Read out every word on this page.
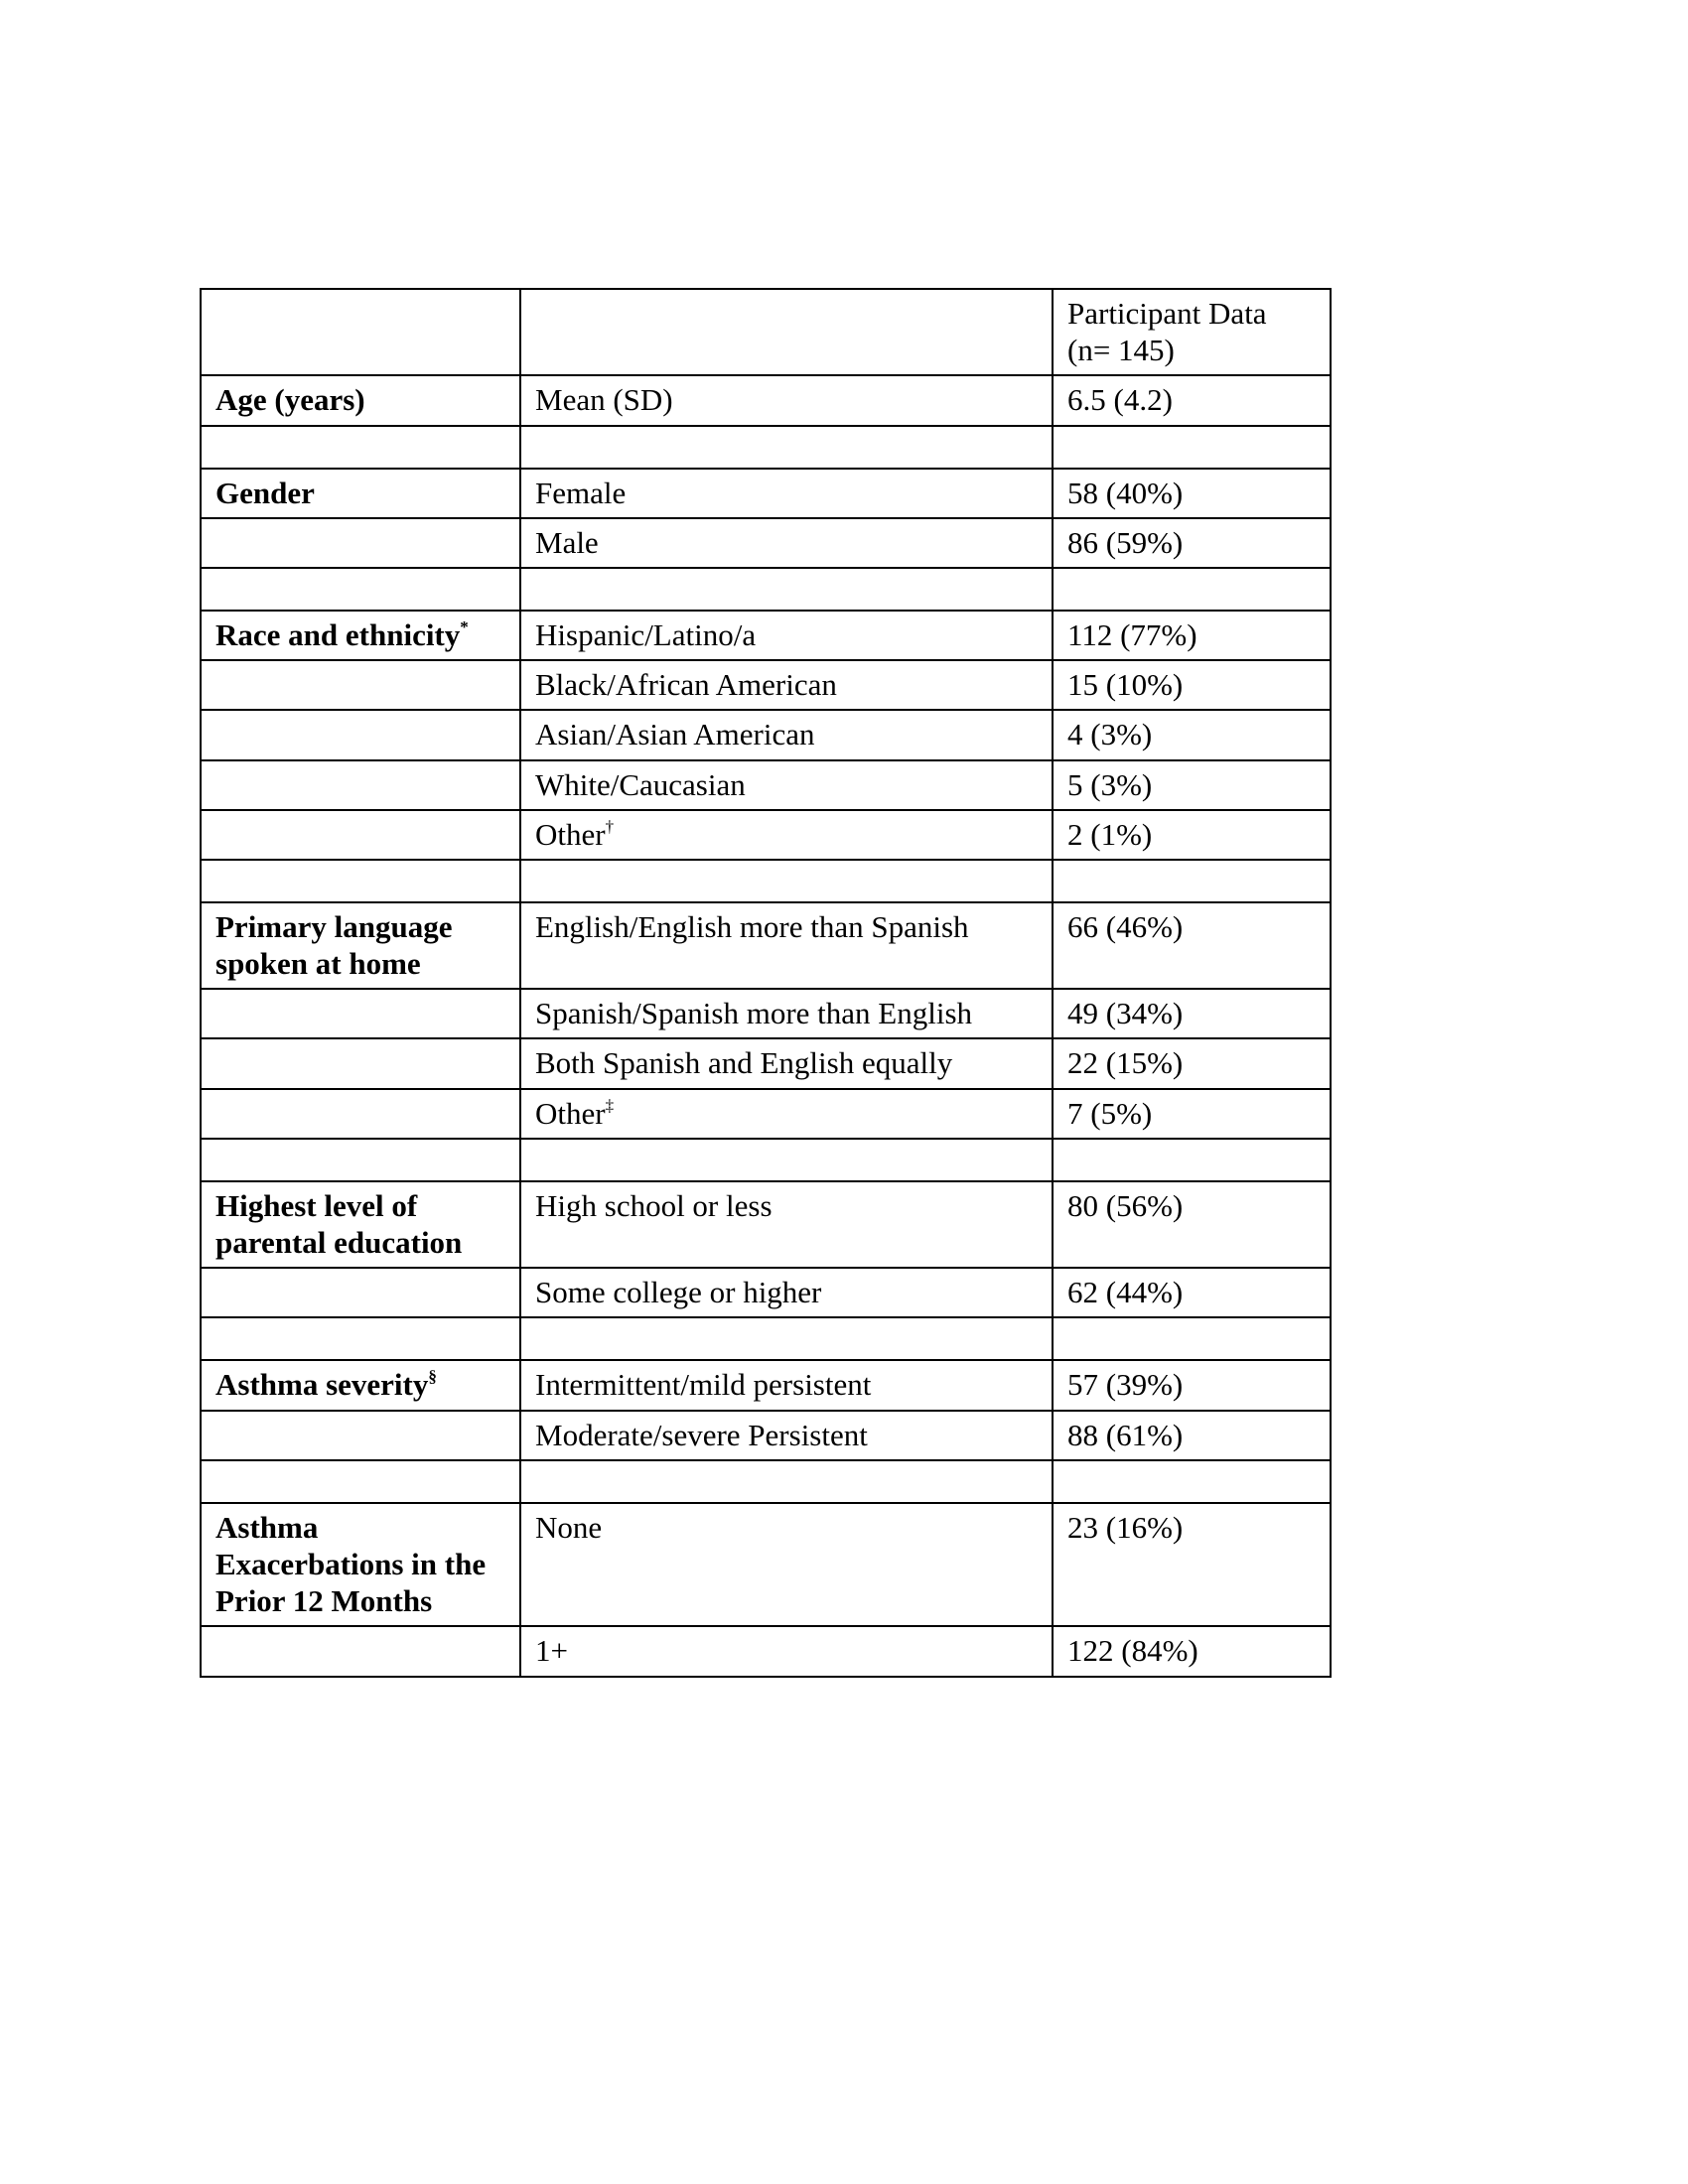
		Participant Data
(n= 145)
Age (years)	Mean (SD)	6.5 (4.2)

Gender	Female	58 (40%)
	Male	86 (59%)

Race and ethnicity*	Hispanic/Latino/a	112 (77%)
	Black/African American	15 (10%)
	Asian/Asian American	4 (3%)
	White/Caucasian	5 (3%)
	Other†	2 (1%)

Primary language spoken at home	English/English more than Spanish	66 (46%)
	Spanish/Spanish more than English	49 (34%)
	Both Spanish and English equally	22 (15%)
	Other‡	7 (5%)

Highest level of parental education	High school or less	80 (56%)
	Some college or higher	62 (44%)

Asthma severity§	Intermittent/mild persistent	57 (39%)
	Moderate/severe Persistent	88 (61%)

Asthma Exacerbations in the Prior 12 Months	None	23 (16%)
	1+	122 (84%)
